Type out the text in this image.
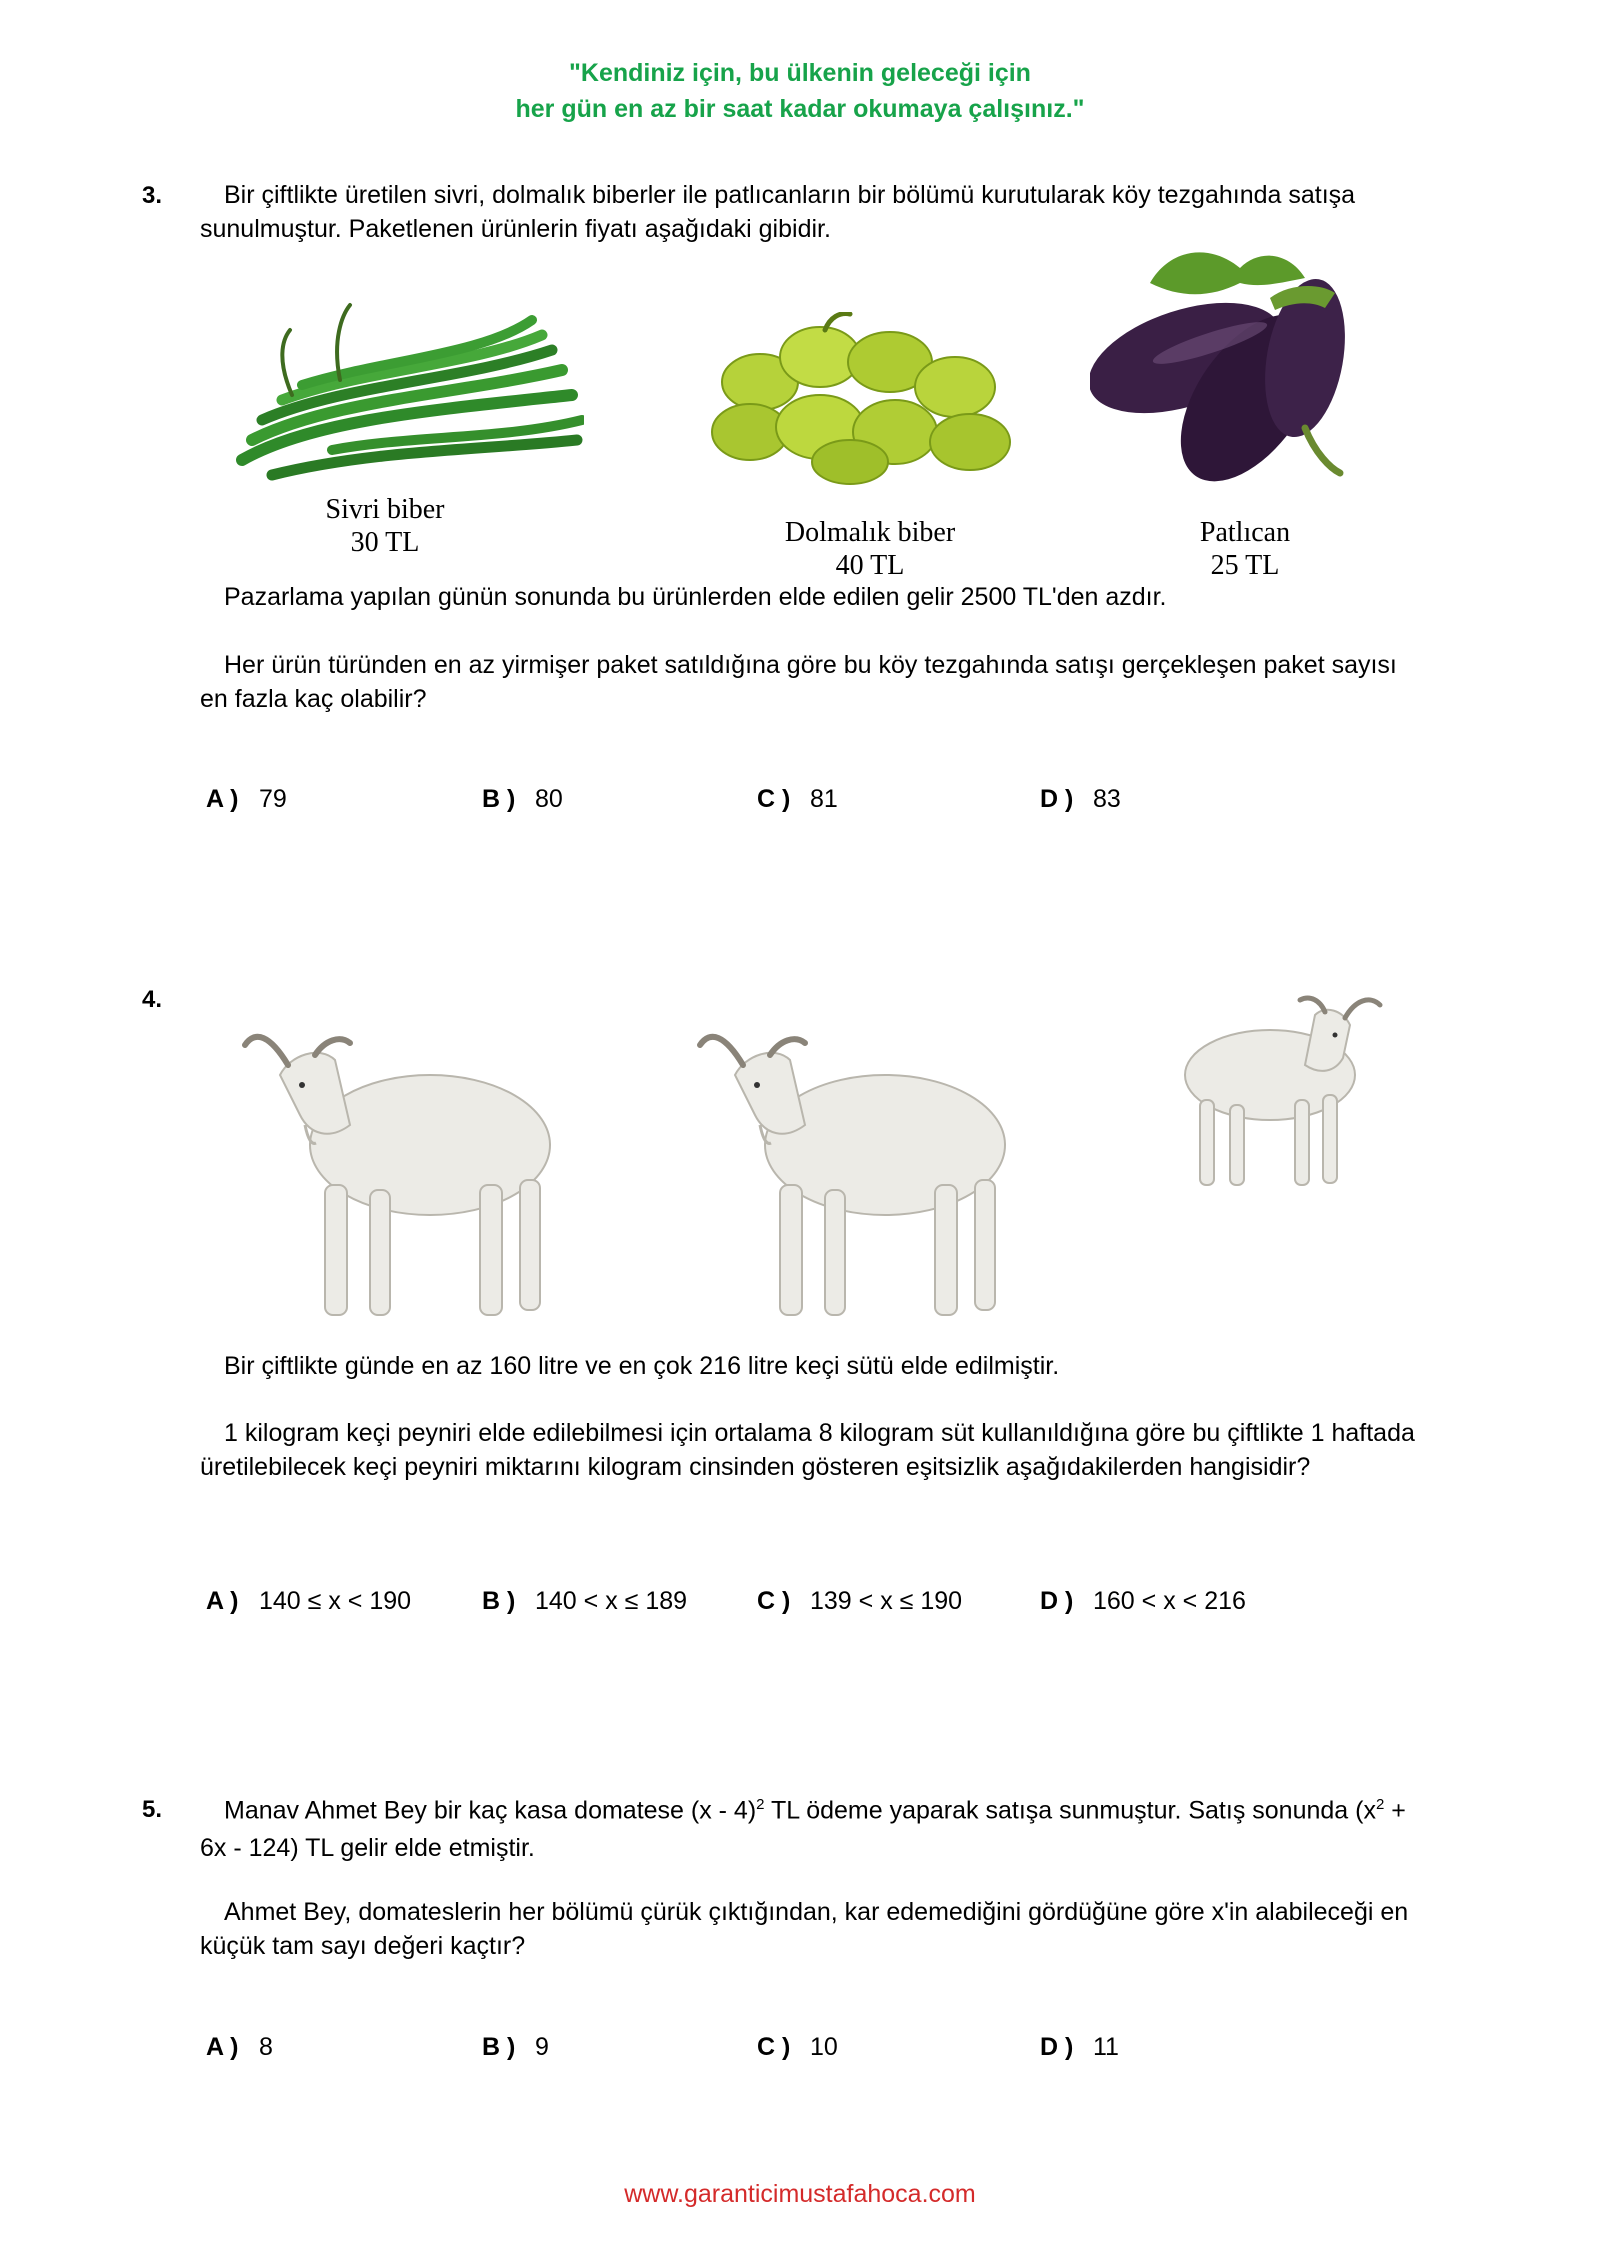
"Kendiniz için, bu ülkenin geleceği için
her gün en az bir saat kadar okumaya çalışınız."
3.	Bir çiftlikte üretilen sivri, dolmalık biberler ile patlıcanların bir bölümü kurutularak köy tezgahında satışa sunulmuştur. Paketlenen ürünlerin fiyatı aşağıdaki gibidir.
Sivri biber
30 TL	Dolmalık biber
40 TL
Patlıcan
25 TL
Pazarlama yapılan günün sonunda bu ürünlerden elde edilen gelir 2500 TL'den azdır.
Her ürün türünden en az yirmişer paket satıldığına göre bu köy tezgahında satışı gerçekleşen paket sayısı en fazla kaç olabilir?
A ) 79	B ) 80	C ) 81	D ) 83
4.
Bir çiftlikte günde en az 160 litre ve en çok 216 litre keçi sütü elde edilmiştir.
1 kilogram keçi peyniri elde edilebilmesi için ortalama 8 kilogram süt kullanıldığına göre bu çiftlikte 1 haftada üretilebilecek keçi peyniri miktarını kilogram cinsinden gösteren eşitsizlik aşağıdakilerden hangisidir?
A ) 140 ≤ x < 190	B ) 140 < x ≤ 189	C ) 139 < x ≤ 190	D ) 160 < x < 216
5.	Manav Ahmet Bey bir kaç kasa domatese (x - 4)$^2$ TL ödeme yaparak satışa sunmuştur. Satış sonunda $(x^2 + 6x - 124)$ TL gelir elde etmiştir.
Ahmet Bey, domateslerin her bölümü çürük çıktığından, kar edemediğini gördüğüne göre x'in alabileceği en küçük tam sayı değeri kaçtır?
A ) 8	B ) 9	C ) 10	D ) 11
www.garanticimustafahoca.com
